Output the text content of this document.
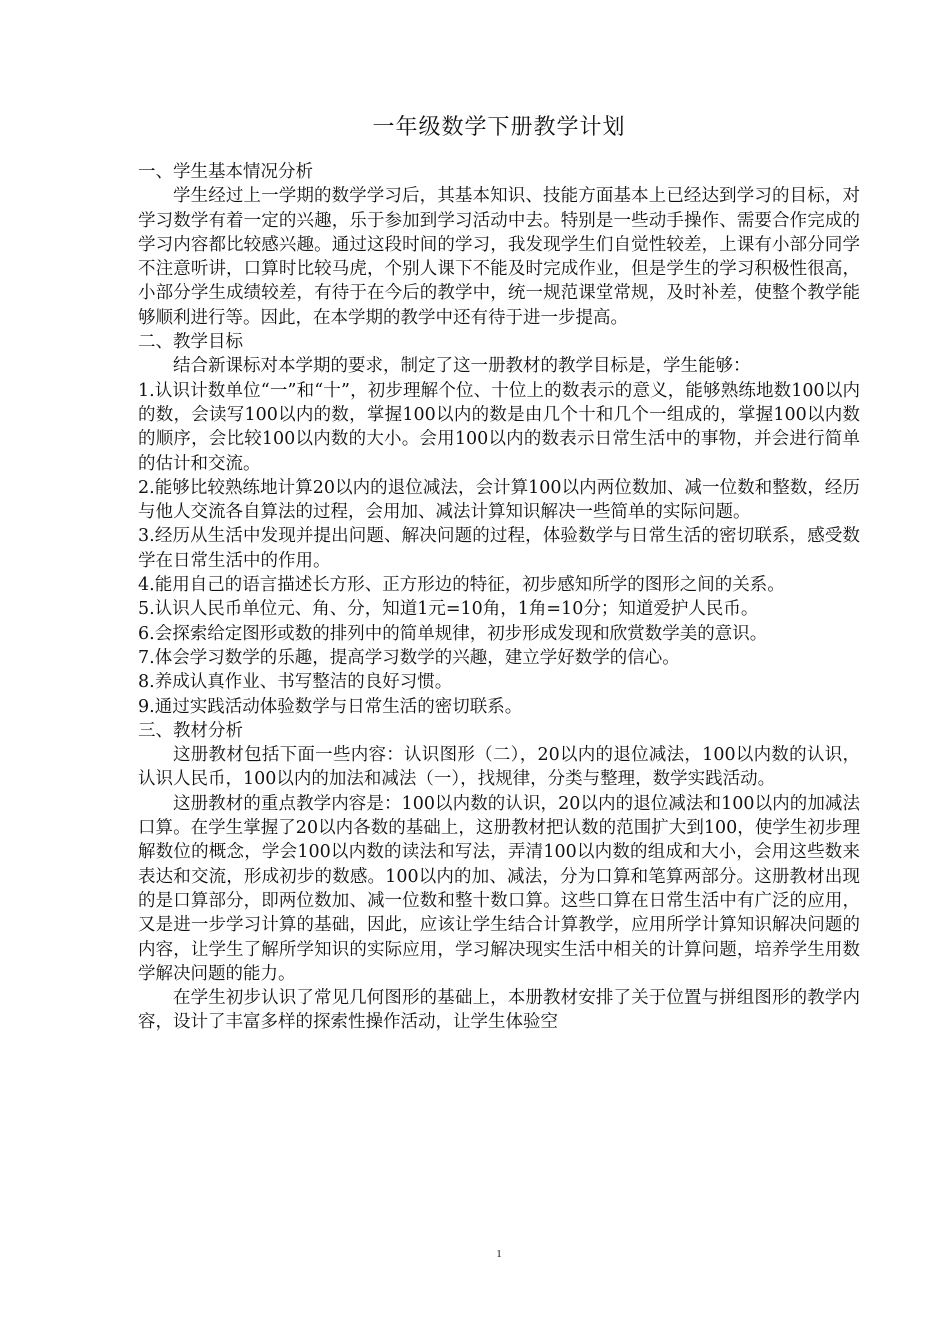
一年级数学下册教学计划

一、学生基本情况分析

学生经过上一学期的数学学习后，其基本知识、技能方面基本上已经达到学习的目标，对学习数学有着一定的兴趣，乐于参加到学习活动中去。特别是一些动手操作、需要合作完成的学习内容都比较感兴趣。通过这段时间的学习，我发现学生们自觉性较差，上课有小部分同学不注意听讲，口算时比较马虎，个别人课下不能及时完成作业，但是学生的学习积极性很高，小部分学生成绩较差，有待于在今后的教学中，统一规范课堂常规，及时补差，使整个教学能够顺利进行等。因此，在本学期的教学中还有待于进一步提高。

二、教学目标

结合新课标对本学期的要求，制定了这一册教材的教学目标是，学生能够：

1.认识计数单位“一”和“十”，初步理解个位、十位上的数表示的意义，能够熟练地数100以内的数，会读写100以内的数，掌握100以内的数是由几个十和几个一组成的，掌握100以内数的顺序，会比较100以内数的大小。会用100以内的数表示日常生活中的事物，并会进行简单的估计和交流。

2.能够比较熟练地计算20以内的退位减法，会计算100以内两位数加、减一位数和整数，经历与他人交流各自算法的过程，会用加、减法计算知识解决一些简单的实际问题。

3.经历从生活中发现并提出问题、解决问题的过程，体验数学与日常生活的密切联系，感受数学在日常生活中的作用。

4.能用自己的语言描述长方形、正方形边的特征，初步感知所学的图形之间的关系。

5.认识人民币单位元、角、分，知道1元=10角，1角=10分；知道爱护人民币。

6.会探索给定图形或数的排列中的简单规律，初步形成发现和欣赏数学美的意识。

7.体会学习数学的乐趣，提高学习数学的兴趣，建立学好数学的信心。

8.养成认真作业、书写整洁的良好习惯。

9.通过实践活动体验数学与日常生活的密切联系。

三、教材分析

这册教材包括下面一些内容：认识图形（二），20以内的退位减法，100以内数的认识，认识人民币，100以内的加法和减法（一），找规律，分类与整理，数学实践活动。

这册教材的重点教学内容是：100以内数的认识，20以内的退位减法和100以内的加减法口算。在学生掌握了20以内各数的基础上，这册教材把认数的范围扩大到100，使学生初步理解数位的概念，学会100以内数的读法和写法，弄清100以内数的组成和大小，会用这些数来表达和交流，形成初步的数感。100以内的加、减法，分为口算和笔算两部分。这册教材出现的是口算部分，即两位数加、减一位数和整十数口算。这些口算在日常生活中有广泛的应用，又是进一步学习计算的基础，因此，应该让学生结合计算教学，应用所学计算知识解决问题的内容，让学生了解所学知识的实际应用，学习解决现实生活中相关的计算问题，培养学生用数学解决问题的能力。

在学生初步认识了常见几何图形的基础上，本册教材安排了关于位置与拼组图形的教学内容，设计了丰富多样的探索性操作活动，让学生体验空

1
